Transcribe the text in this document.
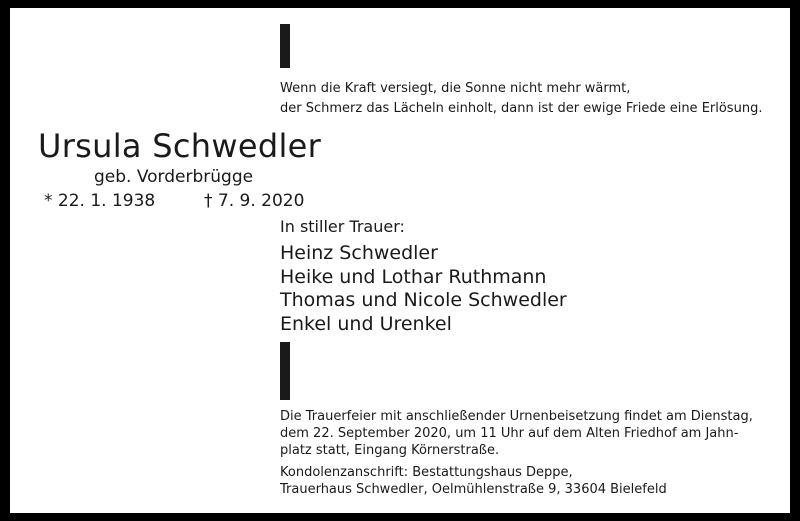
Wenn die Kraft versiegt, die Sonne nicht mehr wärmt,
der Schmerz das Lächeln einholt, dann ist der ewige Friede eine Erlösung.
Ursula Schwedler
geb. Vorderbrügge
* 22. 1. 1938	† 7. 9. 2020
In stiller Trauer:
Heinz Schwedler
Heike und Lothar Ruthmann
Thomas und Nicole Schwedler
Enkel und Urenkel
Die Trauerfeier mit anschließender Urnenbeisetzung findet am Dienstag,
dem 22. September 2020, um 11 Uhr auf dem Alten Friedhof am Jahn-
platz statt, Eingang Körnerstraße.
Kondolenzanschrift: Bestattungshaus Deppe,
Trauerhaus Schwedler, Oelmühlenstraße 9, 33604 Bielefeld
